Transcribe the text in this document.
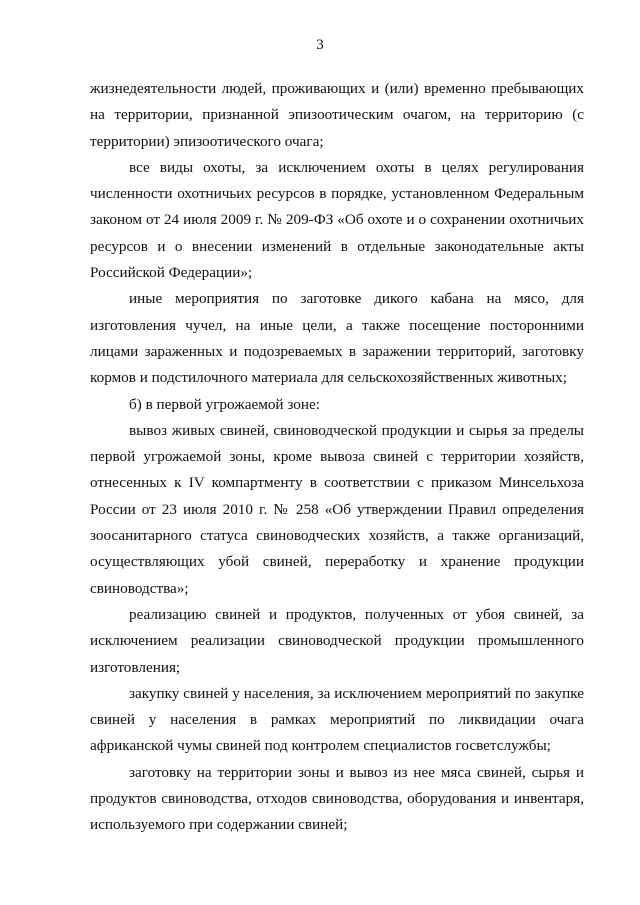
3

жизнедеятельности людей, проживающих и (или) временно пребывающих на территории, признанной эпизоотическим очагом, на территорию (с территории) эпизоотического очага;

все виды охоты, за исключением охоты в целях регулирования численности охотничьих ресурсов в порядке, установленном Федеральным законом от 24 июля 2009 г. № 209-ФЗ «Об охоте и о сохранении охотничьих ресурсов и о внесении изменений в отдельные законодательные акты Российской Федерации»;

иные мероприятия по заготовке дикого кабана на мясо, для изготовления чучел, на иные цели, а также посещение посторонними лицами зараженных и подозреваемых в заражении территорий, заготовку кормов и подстилочного материала для сельскохозяйственных животных;

б) в первой угрожаемой зоне:

вывоз живых свиней, свиноводческой продукции и сырья за пределы первой угрожаемой зоны, кроме вывоза свиней с территории хозяйств, отнесенных к IV компартменту в соответствии с приказом Минсельхоза России от 23 июля 2010 г. № 258 «Об утверждении Правил определения зоосанитарного статуса свиноводческих хозяйств, а также организаций, осуществляющих убой свиней, переработку и хранение продукции свиноводства»;

реализацию свиней и продуктов, полученных от убоя свиней, за исключением реализации свиноводческой продукции промышленного изготовления;

закупку свиней у населения, за исключением мероприятий по закупке свиней у населения в рамках мероприятий по ликвидации очага африканской чумы свиней под контролем специалистов госветслужбы;

заготовку на территории зоны и вывоз из нее мяса свиней, сырья и продуктов свиноводства, отходов свиноводства, оборудования и инвентаря, используемого при содержании свиней;
